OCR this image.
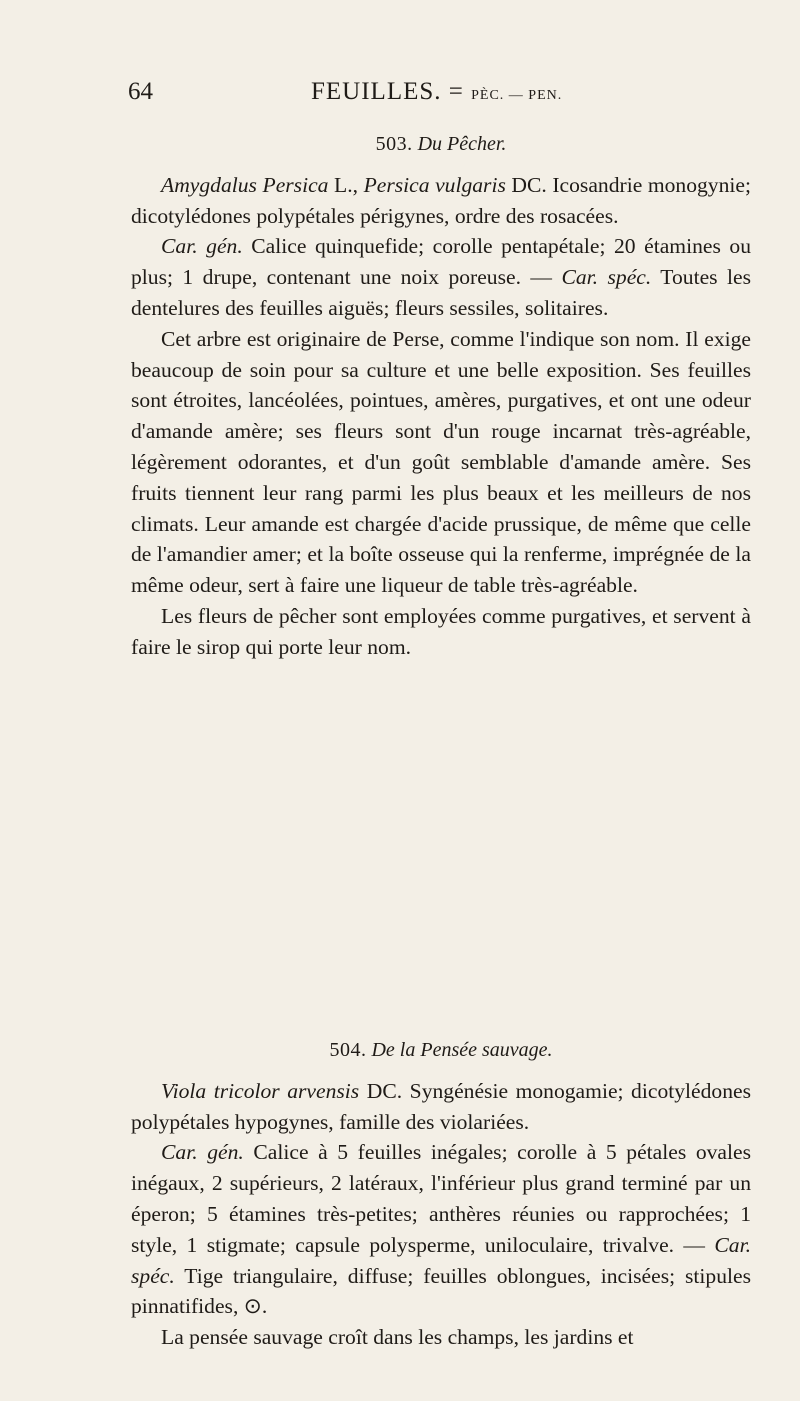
64	FEUILLES. = PÈC. — PEN.

503. Du Pêcher.

Amygdalus Persica L., Persica vulgaris DC. Icosandrie monogynie; dicotylédones polypétales périgynes, ordre des rosacées.

Car. gén. Calice quinquefide; corolle pentapétale; 20 étamines ou plus; 1 drupe, contenant une noix poreuse. — Car. spéc. Toutes les dentelures des feuilles aiguës; fleurs sessiles, solitaires.

Cet arbre est originaire de Perse, comme l'indique son nom. Il exige beaucoup de soin pour sa culture et une belle exposition. Ses feuilles sont étroites, lancéolées, pointues, amères, purgatives, et ont une odeur d'amande amère; ses fleurs sont d'un rouge incarnat très-agréable, légèrement odorantes, et d'un goût semblable d'amande amère. Ses fruits tiennent leur rang parmi les plus beaux et les meilleurs de nos climats. Leur amande est chargée d'acide prussique, de même que celle de l'amandier amer; et la boîte osseuse qui la renferme, imprégnée de la même odeur, sert à faire une liqueur de table très-agréable.

Les fleurs de pêcher sont employées comme purgatives, et servent à faire le sirop qui porte leur nom.

504. De la Pensée sauvage.

Viola tricolor arvensis DC. Syngénésie monogamie; dicotylédones polypétales hypogynes, famille des violariées.

Car. gén. Calice à 5 feuilles inégales; corolle à 5 pétales ovales inégaux, 2 supérieurs, 2 latéraux, l'inférieur plus grand terminé par un éperon; 5 étamines très-petites; anthères réunies ou rapprochées; 1 style, 1 stigmate; capsule polysperme, uniloculaire, trivalve. — Car. spéc. Tige triangulaire, diffuse; feuilles oblongues, incisées; stipules pinnatifides, ⊙.

La pensée sauvage croît dans les champs, les jardins et
